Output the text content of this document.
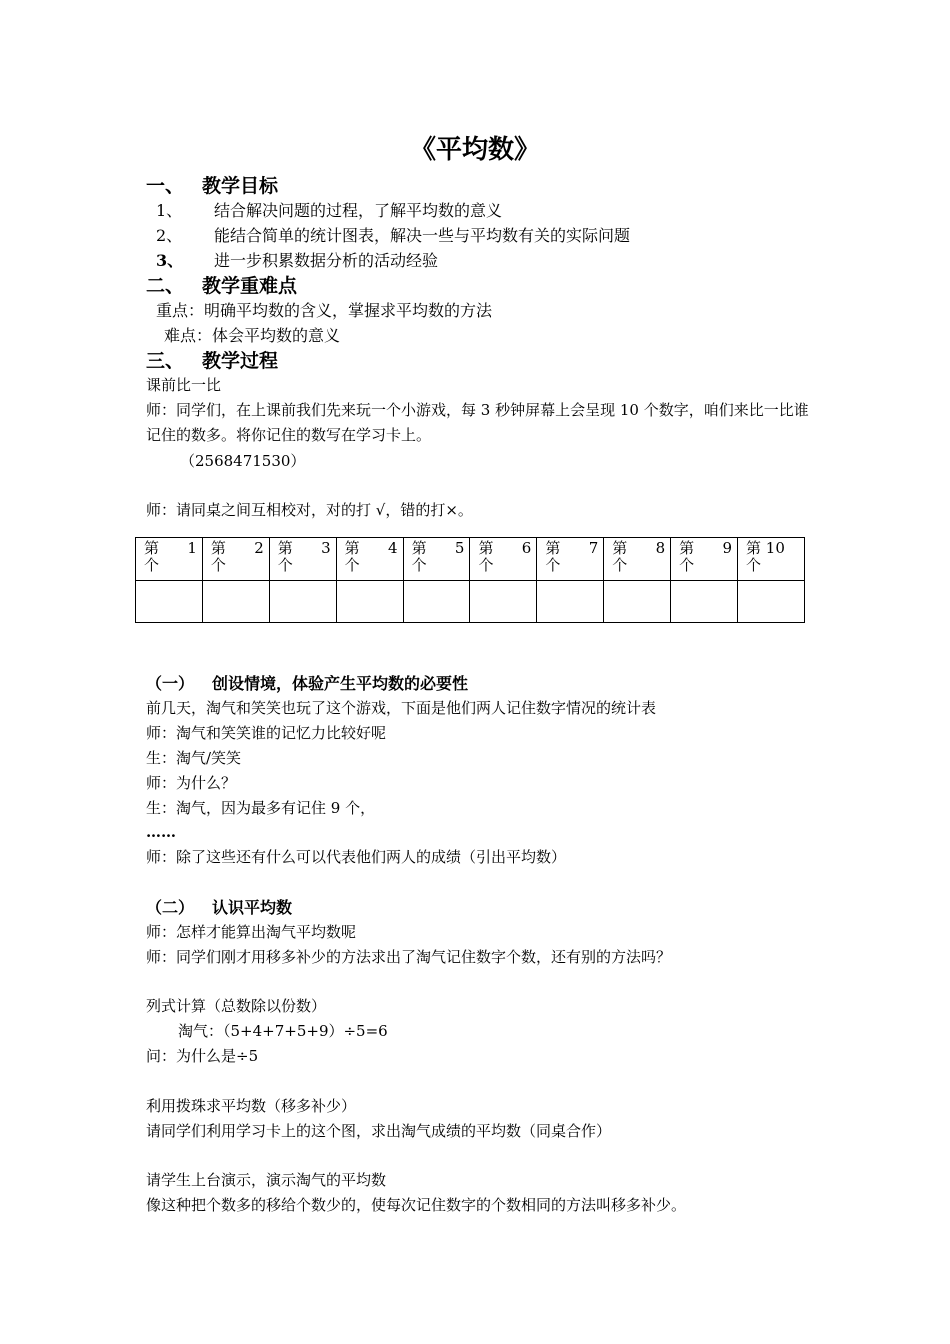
《平均数》
一、 教学目标
1、 结合解决问题的过程，了解平均数的意义
2、 能结合简单的统计图表，解决一些与平均数有关的实际问题
3、 进一步积累数据分析的活动经验
二、 教学重难点
重点：明确平均数的含义，掌握求平均数的方法
难点：体会平均数的意义
三、 教学过程
课前比一比
师：同学们，在上课前我们先来玩一个小游戏，每 3 秒钟屏幕上会呈现 10 个数字，咱们来比一比谁记住的数多。将你记住的数写在学习卡上。
（2568471530）
师：请同桌之间互相校对，对的打 √，错的打×。
第 1
个	第 2
个	第 3
个	第 4
个	第 5
个	第 6
个	第 7
个	第 8
个	第 9
个	第 10 个

（一） 创设情境，体验产生平均数的必要性
前几天，淘气和笑笑也玩了这个游戏，下面是他们两人记住数字情况的统计表
师：淘气和笑笑谁的记忆力比较好呢
生：淘气/笑笑
师：为什么？
生：淘气，因为最多有记住 9 个，
……
师：除了这些还有什么可以代表他们两人的成绩（引出平均数）
（二） 认识平均数
师：怎样才能算出淘气平均数呢
师：同学们刚才用移多补少的方法求出了淘气记住数字个数，还有别的方法吗？
列式计算（总数除以份数）
淘气：（5+4+7+5+9）÷5=6
问：为什么是÷5
利用拨珠求平均数（移多补少）
请同学们利用学习卡上的这个图，求出淘气成绩的平均数（同桌合作）
请学生上台演示，演示淘气的平均数
像这种把个数多的移给个数少的，使每次记住数字的个数相同的方法叫移多补少。
